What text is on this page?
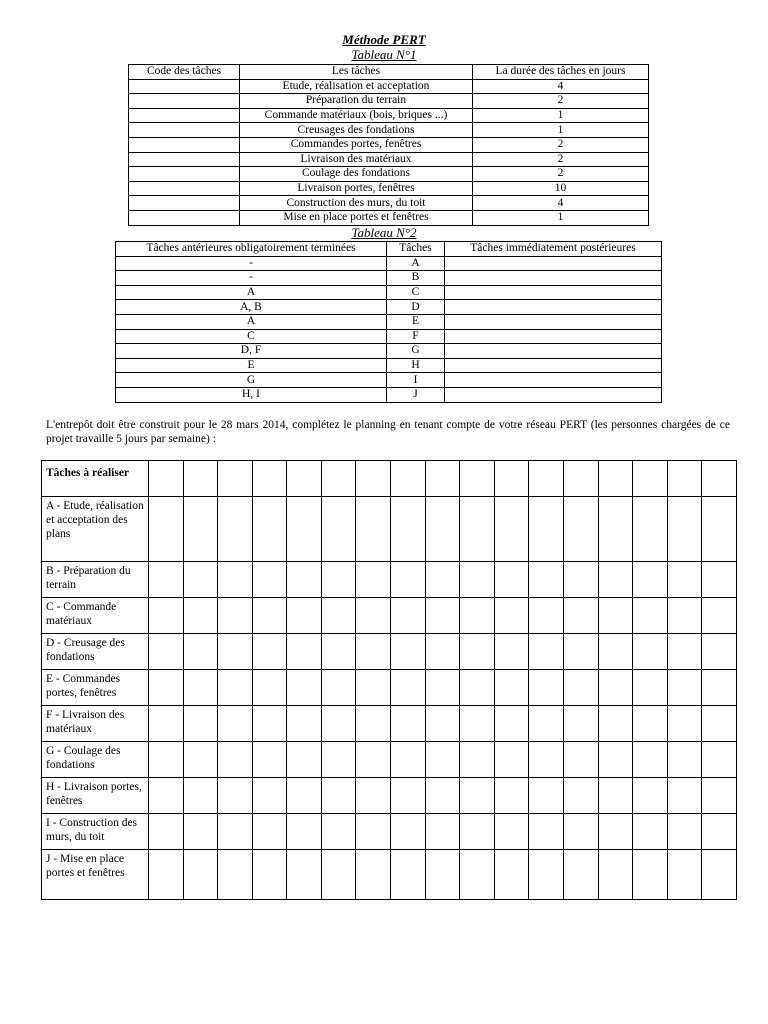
Méthode PERT
Tableau N°1
Code des tâches	Les tâches	La durée des tâches en jours
	Etude, réalisation et acceptation	4
	Préparation du terrain	2
	Commande matériaux (bois, briques ...)	1
	Creusages des fondations	1
	Commandes portes, fenêtres	2
	Livraison des matériaux	2
	Coulage des fondations	2
	Livraison portes, fenêtres	10
	Construction des murs, du toit	4
	Mise en place portes et fenêtres	1
Tableau N°2
Tâches antérieures obligatoirement terminées	Tâches	Tâches immédiatement postérieures
-	A	
-	B	
A	C	
A, B	D	
A	E	
C	F	
D, F	G	
E	H	
G	I	
H, I	J	

L'entrepôt doit être construit pour le 28 mars 2014, complétez le planning en tenant compte de votre réseau PERT (les personnes chargées de ce projet travaille 5 jours par semaine) :

Tâches à réaliser																	
A - Etude, réalisation et acceptation des plans																	
B - Préparation du terrain																	
C - Commande matériaux																	
D - Creusage des fondations																	
E - Commandes portes, fenêtres																	
F - Livraison des matériaux																	
G - Coulage des fondations																	
H - Livraison portes, fenêtres																	
I - Construction des murs, du toit																	
J - Mise en place portes et fenêtres																	
